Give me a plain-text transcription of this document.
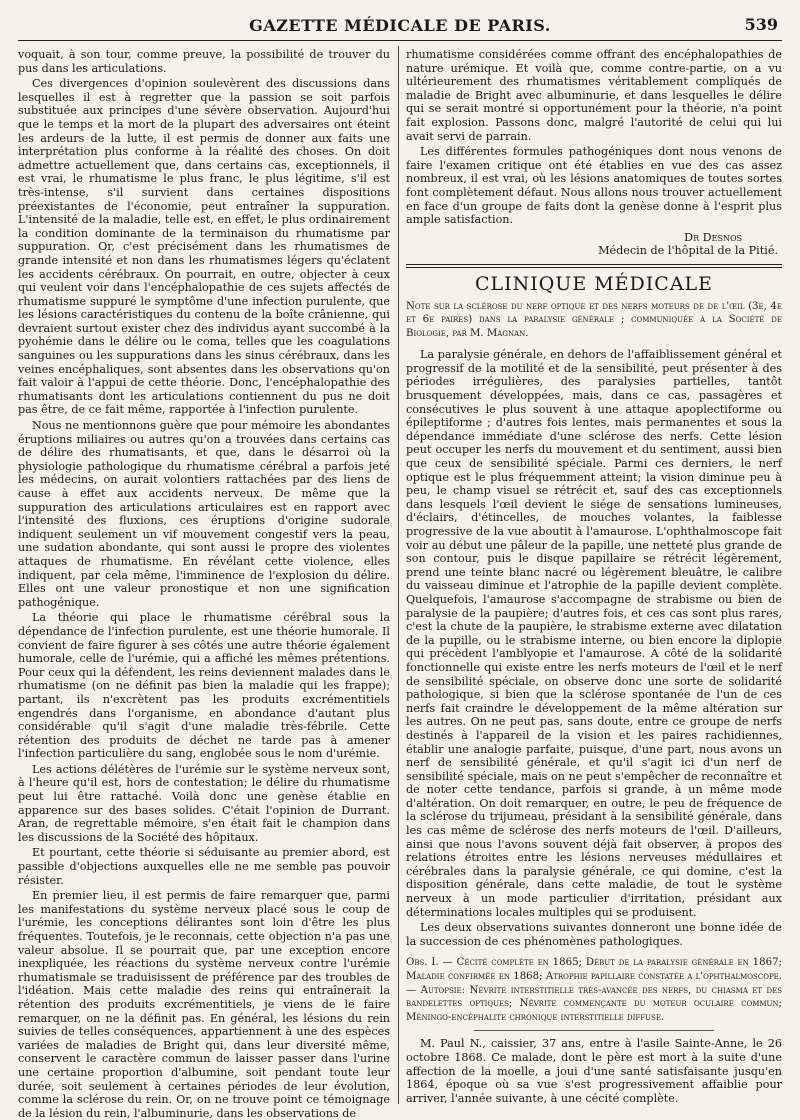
GAZETTE MÉDICALE DE PARIS.	539

voquait, à son tour, comme preuve, la possibilité de trouver du pus dans les articulations.

Ces divergences d'opinion soulevèrent des discussions dans lesquelles il est à regretter que la passion se soit parfois substituée aux principes d'une sévère observation. Aujourd'hui que le temps et la mort de la plupart des adversaires ont éteint les ardeurs de la lutte, il est permis de donner aux faits une interprétation plus conforme à la réalité des choses. On doit admettre actuellement que, dans certains cas, exceptionnels, il est vrai, le rhumatisme le plus franc, le plus légitime, s'il est très-intense, s'il survient dans certaines dispositions préexistantes de l'économie, peut entraîner la suppuration. L'intensité de la maladie, telle est, en effet, le plus ordinairement la condition dominante de la terminaison du rhumatisme par suppuration. Or, c'est précisément dans les rhumatismes de grande intensité et non dans les rhumatismes légers qu'éclatent les accidents cérébraux. On pourrait, en outre, objecter à ceux qui veulent voir dans l'encéphalopathie de ces sujets affectés de rhumatisme suppuré le symptôme d'une infection purulente, que les lésions caractéristiques du contenu de la boîte crânienne, qui devraient surtout exister chez des individus ayant succombé à la pyohémie dans le délire ou le coma, telles que les coagulations sanguines ou les suppurations dans les sinus cérébraux, dans les veines encéphaliques, sont absentes dans les observations qu'on fait valoir à l'appui de cette théorie. Donc, l'encéphalopathie des rhumatisants dont les articulations contiennent du pus ne doit pas être, de ce fait même, rapportée à l'infection purulente.

Nous ne mentionnons guère que pour mémoire les abondantes éruptions miliaires ou autres qu'on a trouvées dans certains cas de délire des rhumatisants, et que, dans le désarroi où la physiologie pathologique du rhumatisme cérébral a parfois jeté les médecins, on aurait volontiers rattachées par des liens de cause à effet aux accidents nerveux. De même que la suppuration des articulations articulaires est en rapport avec l'intensité des fluxions, ces éruptions d'origine sudorale indiquent seulement un vif mouvement congestif vers la peau, une sudation abondante, qui sont aussi le propre des violentes attaques de rhumatisme. En révélant cette violence, elles indiquent, par cela même, l'imminence de l'explosion du délire. Elles ont une valeur pronostique et non une signification pathogénique.

La théorie qui place le rhumatisme cérébral sous la dépendance de l'infection purulente, est une théorie humorale. Il convient de faire figurer à ses côtés une autre théorie également humorale, celle de l'urémie, qui a affiché les mêmes prétentions. Pour ceux qui la défendent, les reins deviennent malades dans le rhumatisme (on ne définit pas bien la maladie qui les frappe); partant, ils n'excrètent pas les produits excrémentitiels engendrés dans l'organisme, en abondance d'autant plus considérable qu'il s'agit d'une maladie très-fébrile. Cette rétention des produits de déchet ne tarde pas à amener l'infection particulière du sang, englobée sous le nom d'urémie.

Les actions délétères de l'urémie sur le système nerveux sont, à l'heure qu'il est, hors de contestation; le délire du rhumatisme peut lui être rattaché. Voilà donc une genèse établie en apparence sur des bases solides. C'était l'opinion de Durrant. Aran, de regrettable mémoire, s'en était fait le champion dans les discussions de la Société des hôpitaux.

Et pourtant, cette théorie si séduisante au premier abord, est passible d'objections auxquelles elle ne me semble pas pouvoir résister.

En premier lieu, il est permis de faire remarquer que, parmi les manifestations du système nerveux placé sous le coup de l'urémie, les conceptions délirantes sont loin d'être les plus fréquentes. Toutefois, je le reconnais, cette objection n'a pas une valeur absolue. Il se pourrait que, par une exception encore inexpliquée, les réactions du système nerveux contre l'urémie rhumatismale se traduisissent de préférence par des troubles de l'idéation. Mais cette maladie des reins qui entraînerait la rétention des produits excrémentitiels, je viens de le faire remarquer, on ne la définit pas. En général, les lésions du rein suivies de telles conséquences, appartiennent à une des espèces variées de maladies de Bright qui, dans leur diversité même, conservent le caractère commun de laisser passer dans l'urine une certaine proportion d'albumine, soit pendant toute leur durée, soit seulement à certaines périodes de leur évolution, comme la sclérose du rein. Or, on ne trouve point ce témoignage de la lésion du rein, l'albuminurie, dans les observations de

rhumatisme considérées comme offrant des encéphalopathies de nature urémique. Et voilà que, comme contre-partie, on a vu ultérieurement des rhumatismes véritablement compliqués de maladie de Bright avec albuminurie, et dans lesquelles le délire qui se serait montré si opportunément pour la théorie, n'a point fait explosion. Passons donc, malgré l'autorité de celui qui lui avait servi de parrain.

Les différentes formules pathogéniques dont nous venons de faire l'examen critique ont été établies en vue des cas assez nombreux, il est vrai, où les lésions anatomiques de toutes sortes font complètement défaut. Nous allons nous trouver actuellement en face d'un groupe de faits dont la genèse donne à l'esprit plus ample satisfaction.

Dr Desnos
Médecin de l'hôpital de la Pitié.
CLINIQUE MÉDICALE
Note sur la sclérose du nerf optique et des nerfs moteurs de de l'œil (3e, 4e et 6e paires) dans la paralysie générale ; communiquée à la Société de Biologie, par M. Magnan.

La paralysie générale, en dehors de l'affaiblissement général et progressif de la motilité et de la sensibilité, peut présenter à des périodes irrégulières, des paralysies partielles, tantôt brusquement développées, mais, dans ce cas, passagères et consécutives le plus souvent à une attaque apoplectiforme ou épileptiforme ; d'autres fois lentes, mais permanentes et sous la dépendance immédiate d'une sclérose des nerfs. Cette lésion peut occuper les nerfs du mouvement et du sentiment, aussi bien que ceux de sensibilité spéciale. Parmi ces derniers, le nerf optique est le plus fréquemment atteint; la vision diminue peu à peu, le champ visuel se rétrécit et, sauf des cas exceptionnels dans lesquels l'œil devient le siége de sensations lumineuses, d'éclairs, d'étincelles, de mouches volantes, la faiblesse progressive de la vue aboutit à l'amaurose. L'ophthalmoscope fait voir au début une pâleur de la papille, une netteté plus grande de son contour, puis le disque papillaire se rétrécit légèrement, prend une teinte blanc nacré ou légèrement bleuâtre, le calibre du vaisseau diminue et l'atrophie de la papille devient complète. Quelquefois, l'amaurose s'accompagne de strabisme ou bien de paralysie de la paupière; d'autres fois, et ces cas sont plus rares, c'est la chute de la paupière, le strabisme externe avec dilatation de la pupille, ou le strabisme interne, ou bien encore la diplopie qui précèdent l'amblyopie et l'amaurose. A côté de la solidarité fonctionnelle qui existe entre les nerfs moteurs de l'œil et le nerf de sensibilité spéciale, on observe donc une sorte de solidarité pathologique, si bien que la sclérose spontanée de l'un de ces nerfs fait craindre le développement de la même altération sur les autres. On ne peut pas, sans doute, entre ce groupe de nerfs destinés à l'appareil de la vision et les paires rachidiennes, établir une analogie parfaite, puisque, d'une part, nous avons un nerf de sensibilité générale, et qu'il s'agit ici d'un nerf de sensibilité spéciale, mais on ne peut s'empêcher de reconnaître et de noter cette tendance, parfois si grande, à un même mode d'altération. On doit remarquer, en outre, le peu de fréquence de la sclérose du trijumeau, présidant à la sensibilité générale, dans les cas même de sclérose des nerfs moteurs de l'œil. D'ailleurs, ainsi que nous l'avons souvent déjà fait observer, à propos des relations étroites entre les lésions nerveuses médullaires et cérébrales dans la paralysie générale, ce qui domine, c'est la disposition générale, dans cette maladie, de tout le système nerveux à un mode particulier d'irritation, présidant aux déterminations locales multiples qui se produisent.

Les deux observations suivantes donneront une bonne idée de la succession de ces phénomènes pathologiques.

Obs. I. — Cécité complète en 1865; Début de la paralysie générale en 1867; Maladie confirmée en 1868; Atrophie papillaire constatée a l'ophthalmoscope. — Autopsie: Névrite interstitielle très-avancée des nerfs, du chiasma et des bandelettes optiques; Névrite commençante du moteur oculaire commun; Méningo-encéphalite chronique interstitielle diffuse.

M. Paul N., caissier, 37 ans, entre à l'asile Sainte-Anne, le 26 octobre 1868. Ce malade, dont le père est mort à la suite d'une affection de la moelle, a joui d'une santé satisfaisante jusqu'en 1864, époque où sa vue s'est progressivement affaiblie pour arriver, l'année suivante, à une cécité complète.
